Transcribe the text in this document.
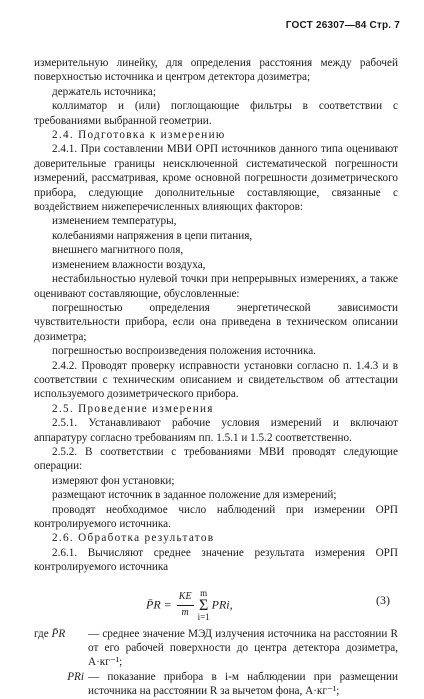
ГОСТ 26307—84 Стр. 7

измерительную линейку, для определения расстояния между рабочей поверхностью источника и центром детектора дозиметра;

держатель источника;

коллиматор и (или) поглощающие фильтры в соответствии с требованиями выбранной геометрии.

2.4. Подготовка к измерению

2.4.1. При составлении МВИ ОРП источников данного типа оценивают доверительные границы неисключенной систематической погрешности измерений, рассматривая, кроме основной погрешности дозиметрического прибора, следующие дополнительные составляющие, связанные с воздействием нижеперечисленных влияющих факторов:

изменением температуры,

колебаниями напряжения в цепи питания,

внешнего магнитного поля,

изменением влажности воздуха,

нестабильностью нулевой точки при непрерывных измерениях, а также оценивают составляющие, обусловленные:

погрешностью определения энергетической зависимости чувствительности прибора, если она приведена в техническом описании дозиметра;

погрешностью воспроизведения положения источника.

2.4.2. Проводят проверку исправности установки согласно п. 1.4.3 и в соответствии с техническим описанием и свидетельством об аттестации используемого дозиметрического прибора.

2.5. Проведение измерения

2.5.1. Устанавливают рабочие условия измерений и включают аппаратуру согласно требованиям пп. 1.5.1 и 1.5.2 соответственно.

2.5.2. В соответствии с требованиями МВИ проводят следующие операции:

измеряют фон установки;

размещают источник в заданное положение для измерений;

проводят необходимое число наблюдений при измерении ОРП контролируемого источника.

2.6. Обработка результатов

2.6.1. Вычисляют среднее значение результата измерения ОРП контролируемого источника

P̄R = $\frac{KE}{m}$ m
Σ
i=1PRi,	(3)
где P̄R	— среднее значение МЭД излучения источника на расстоянии R от его рабочей поверхности до центра детектора дозиметра, А·кг⁻¹;
PRi — показание прибора в i-м наблюдении при размещении источника на расстоянии R за вычетом фона, А·кг⁻¹;
